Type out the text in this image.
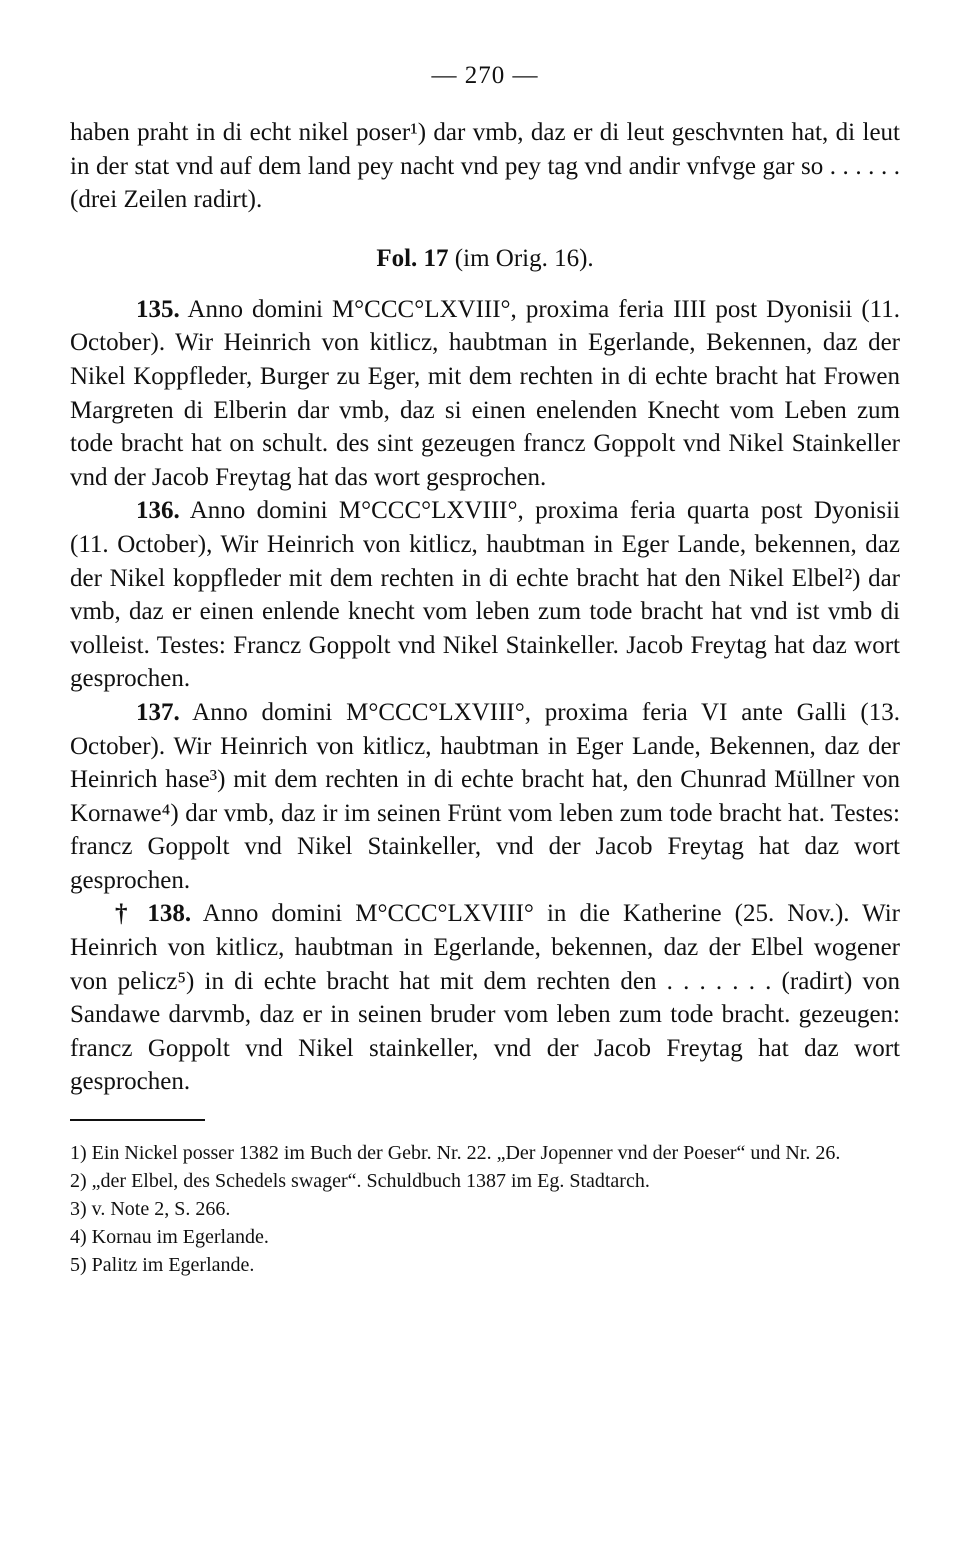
— 270 —

haben praht in di echt nikel poser¹) dar vmb, daz er di leut geschvnten hat, di leut in der stat vnd auf dem land pey nacht vnd pey tag vnd andir vnfvge gar so . . . . . . (drei Zeilen radirt).

Fol. 17 (im Orig. 16).

135. Anno domini M°CCC°LXVIII°, proxima feria IIII post Dyonisii (11. October). Wir Heinrich von kitlicz, haubtman in Egerlande, Bekennen, daz der Nikel Koppfleder, Burger zu Eger, mit dem rechten in di echte bracht hat Frowen Margreten di Elberin dar vmb, daz si einen enelenden Knecht vom Leben zum tode bracht hat on schult. des sint gezeugen francz Goppolt vnd Nikel Stainkeller vnd der Jacob Freytag hat das wort gesprochen.

136. Anno domini M°CCC°LXVIII°, proxima feria quarta post Dyonisii (11. October), Wir Heinrich von kitlicz, haubtman in Eger Lande, bekennen, daz der Nikel koppfleder mit dem rechten in di echte bracht hat den Nikel Elbel²) dar vmb, daz er einen enlende knecht vom leben zum tode bracht hat vnd ist vmb di volleist. Testes: Francz Goppolt vnd Nikel Stainkeller. Jacob Freytag hat daz wort gesprochen.

137. Anno domini M°CCC°LXVIII°, proxima feria VI ante Galli (13. October). Wir Heinrich von kitlicz, haubtman in Eger Lande, Bekennen, daz der Heinrich hase³) mit dem rechten in di echte bracht hat, den Chunrad Müllner von Kornawe⁴) dar vmb, daz ir im seinen Frünt vom leben zum tode bracht hat. Testes: francz Goppolt vnd Nikel Stainkeller, vnd der Jacob Freytag hat daz wort gesprochen.

† 138. Anno domini M°CCC°LXVIII° in die Katherine (25. Nov.). Wir Heinrich von kitlicz, haubtman in Egerlande, bekennen, daz der Elbel wogener von pelicz⁵) in di echte bracht hat mit dem rechten den . . . . . . . (radirt) von Sandawe darvmb, daz er in seinen bruder vom leben zum tode bracht. gezeugen: francz Goppolt vnd Nikel stainkeller, vnd der Jacob Freytag hat daz wort gesprochen.

1) Ein Nickel posser 1382 im Buch der Gebr. Nr. 22. „Der Jopenner vnd der Poeser“ und Nr. 26.

2) „der Elbel, des Schedels swager“. Schuldbuch 1387 im Eg. Stadtarch.

3) v. Note 2, S. 266.

4) Kornau im Egerlande.

5) Palitz im Egerlande.
